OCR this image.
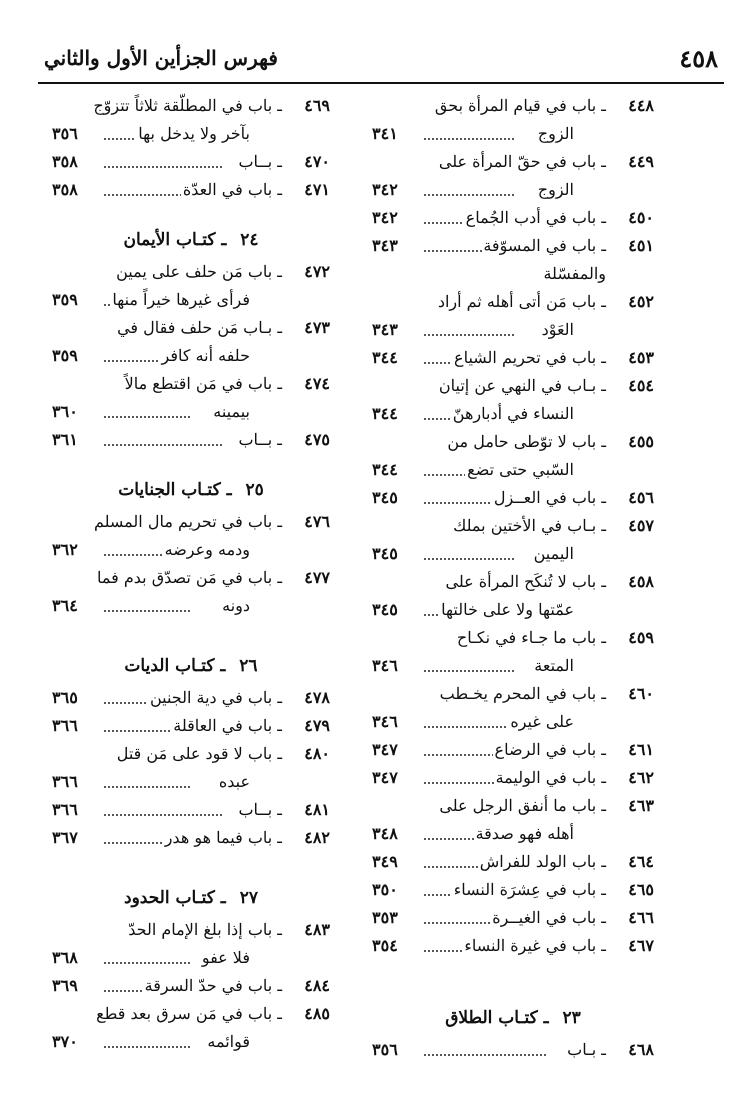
٤٥٨
فهرس الجزأين الأول والثاني
٤٤٨
ـ باب في قيام المرأة بحق
الزوج
٣٤١
٤٤٩
ـ باب في حقّ المرأة على
الزوج
٣٤٢
٤٥٠
ـ باب في أدب الجُماع
٣٤٢
٤٥١
ـ باب في المسوّفة والمفسّلة
٣٤٣
٤٥٢
ـ باب مَن أتى أهله ثم أراد
العَوْد
٣٤٣
٤٥٣
ـ باب في تحريم الشياع
٣٤٤
٤٥٤
ـ بـاب في النهي عن إتيان
النساء في أدبارهنّ
٣٤٤
٤٥٥
ـ باب لا توّطى حامل من
السّبي حتى تضع
٣٤٤
٤٥٦
ـ باب في العــزل
٣٤٥
٤٥٧
ـ بـاب في الأختين بملك
اليمين
٣٤٥
٤٥٨
ـ باب لا تُنكَح المرأة على
عمّتها ولا على خالتها
٣٤٥
٤٥٩
ـ باب ما جـاء في نكـاح
المتعة
٣٤٦
٤٦٠
ـ باب في المحرم يخـطب
على غيره
٣٤٦
٤٦١
ـ باب في الرضاع
٣٤٧
٤٦٢
ـ باب في الوليمة
٣٤٧
٤٦٣
ـ باب ما أنفق الرجل على
أهله فهو صدقة
٣٤٨
٤٦٤
ـ باب الولد للفراش
٣٤٩
٤٦٥
ـ باب في عِشرَة النساء
٣٥٠
٤٦٦
ـ باب في الغيــرة
٣٥٣
٤٦٧
ـ باب في غيرة النساء
٣٥٤
٢٣ ـ كتـاب الطلاق
٤٦٨
ـ بـاب
٣٥٦
٤٦٩
ـ باب في المطلّقة ثلاثاً تتزوّج
بآخر ولا يدخل بها
٣٥٦
٤٧٠
ـ بــاب
٣٥٨
٤٧١
ـ باب في العدّة
٣٥٨
٢٤ ـ كتـاب الأيمان
٤٧٢
ـ باب مَن حلف على يمين
فرأى غيرها خيراً منها
٣٥٩
٤٧٣
ـ بـاب مَن حلف فقال في
حلفه أنه كافر
٣٥٩
٤٧٤
ـ باب في مَن اقتطع مالاً
بيمينه
٣٦٠
٤٧٥
ـ بــاب
٣٦١
٢٥ ـ كتـاب الجنايات
٤٧٦
ـ باب في تحريم مال المسلم
ودمه وعرضه
٣٦٢
٤٧٧
ـ باب في مَن تصدّق بدم فما
دونه
٣٦٤
٢٦ ـ كتـاب الديات
٤٧٨
ـ باب في دية الجنين
٣٦٥
٤٧٩
ـ باب في العاقلة
٣٦٦
٤٨٠
ـ باب لا قود على مَن قتل
عبده
٣٦٦
٤٨١
ـ بــاب
٣٦٦
٤٨٢
ـ باب فيما هو هدر
٣٦٧
٢٧ ـ كتـاب الحدود
٤٨٣
ـ باب إذا بلغ الإمام الحدّ
فلا عفو
٣٦٨
٤٨٤
ـ باب في حدّ السرقة
٣٦٩
٤٨٥
ـ باب في مَن سرق بعد قطع
قوائمه
٣٧٠
